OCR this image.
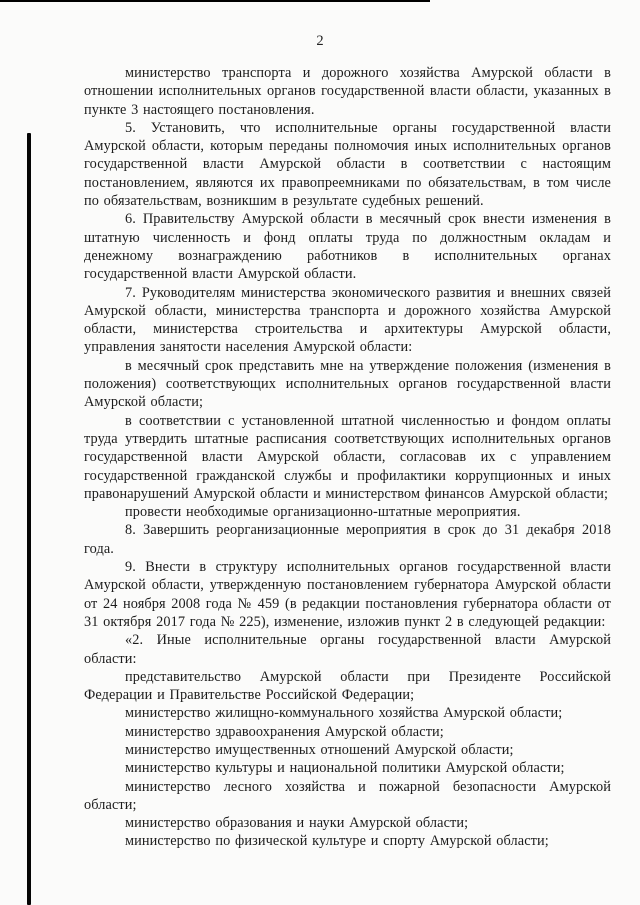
2

министерство транспорта и дорожного хозяйства Амурской области в отношении исполнительных органов государственной власти области, указанных в пункте 3 настоящего постановления.

5. Установить, что исполнительные органы государственной власти Амурской области, которым переданы полномочия иных исполнительных органов государственной власти Амурской области в соответствии с настоящим постановлением, являются их правопреемниками по обязательствам, в том числе по обязательствам, возникшим в результате судебных решений.

6. Правительству Амурской области в месячный срок внести изменения в штатную численность и фонд оплаты труда по должностным окладам и денежному вознаграждению работников в исполнительных органах государственной власти Амурской области.

7. Руководителям министерства экономического развития и внешних связей Амурской области, министерства транспорта и дорожного хозяйства Амурской области, министерства строительства и архитектуры Амурской области, управления занятости населения Амурской области:

в месячный срок представить мне на утверждение положения (изменения в положения) соответствующих исполнительных органов государственной власти Амурской области;

в соответствии с установленной штатной численностью и фондом оплаты труда утвердить штатные расписания соответствующих исполнительных органов государственной власти Амурской области, согласовав их с управлением государственной гражданской службы и профилактики коррупционных и иных правонарушений Амурской области и министерством финансов Амурской области;

провести необходимые организационно-штатные мероприятия.

8. Завершить реорганизационные мероприятия в срок до 31 декабря 2018 года.

9. Внести в структуру исполнительных органов государственной власти Амурской области, утвержденную постановлением губернатора Амурской области от 24 ноября 2008 года № 459 (в редакции постановления губернатора области от 31 октября 2017 года № 225), изменение, изложив пункт 2 в следующей редакции:

«2. Иные исполнительные органы государственной власти Амурской области:

представительство Амурской области при Президенте Российской Федерации и Правительстве Российской Федерации;

министерство жилищно-коммунального хозяйства Амурской области;

министерство здравоохранения Амурской области;

министерство имущественных отношений Амурской области;

министерство культуры и национальной политики Амурской области;

министерство лесного хозяйства и пожарной безопасности Амурской области;

министерство образования и науки Амурской области;

министерство по физической культуре и спорту Амурской области;
